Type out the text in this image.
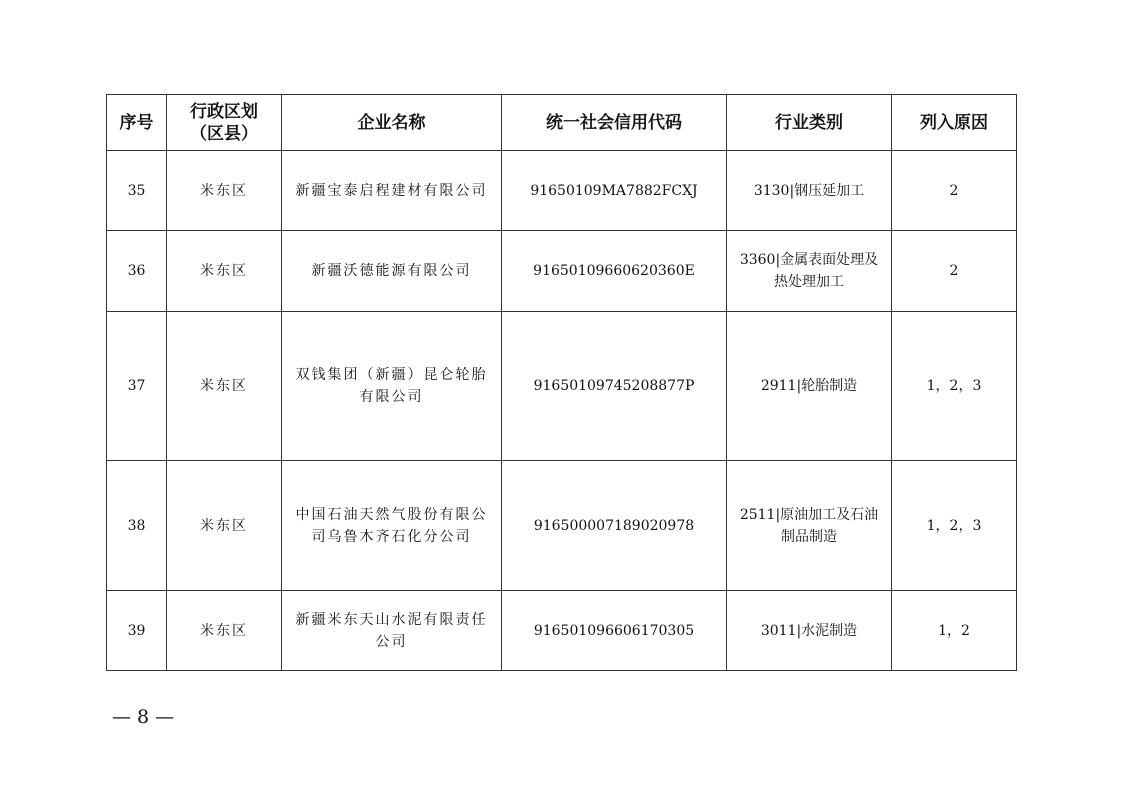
序号	行政区划（区县）	企业名称	统一社会信用代码	行业类别	列入原因
35	米东区	新疆宝泰启程建材有限公司	91650109MA7882FCXJ	3130|钢压延加工	2
36	米东区	新疆沃德能源有限公司	91650109660620360E	3360|金属表面处理及热处理加工	2
37	米东区	双钱集团（新疆）昆仑轮胎有限公司	91650109745208877P	2911|轮胎制造	1，2，3
38	米东区	中国石油天然气股份有限公司乌鲁木齐石化分公司	916500007189020978	2511|原油加工及石油制品制造	1，2，3
39	米东区	新疆米东天山水泥有限责任公司	916501096606170305	3011|水泥制造	1，2
— 8 —
